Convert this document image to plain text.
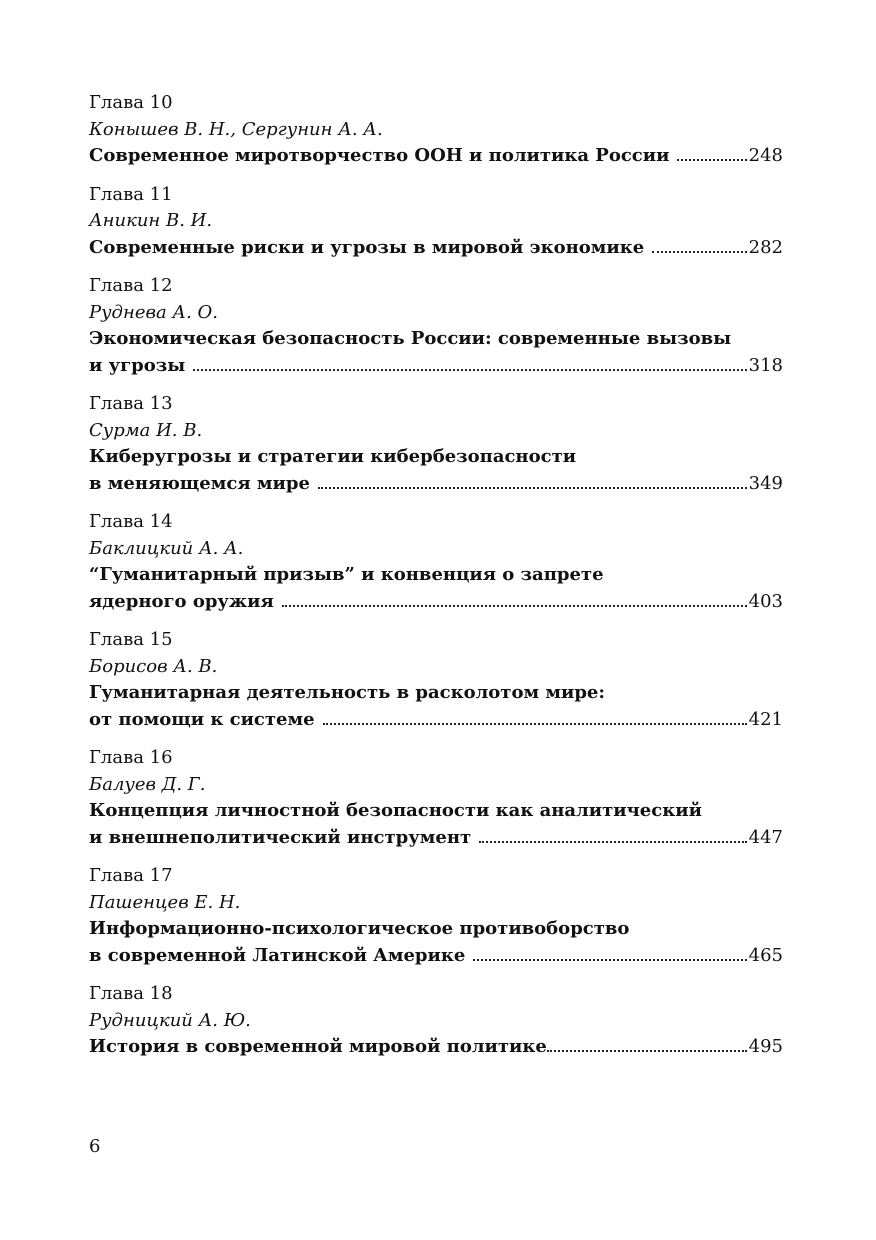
Глава 10
Конышев В. Н., Сергунин А. А.
Современное миротворчество ООН и политика России	248
Глава 11
Аникин В. И.
Современные риски и угрозы в мировой экономике	282
Глава 12
Руднева А. О.
Экономическая безопасность России: современные вызовы
и угрозы	318
Глава 13
Сурма И. В.
Киберугрозы и стратегии кибербезопасности
в меняющемся мире	349
Глава 14
Баклицкий А. А.
“Гуманитарный призыв” и конвенция о запрете
ядерного оружия	403
Глава 15
Борисов А. В.
Гуманитарная деятельность в расколотом мире:
от помощи к системе	421
Глава 16
Балуев Д. Г.
Концепция личностной безопасности как аналитический
и внешнеполитический инструмент	447
Глава 17
Пашенцев Е. Н.
Информационно-психологическое противоборство
в современной Латинской Америке	465
Глава 18
Рудницкий А. Ю.
История в современной мировой политике	495
6
